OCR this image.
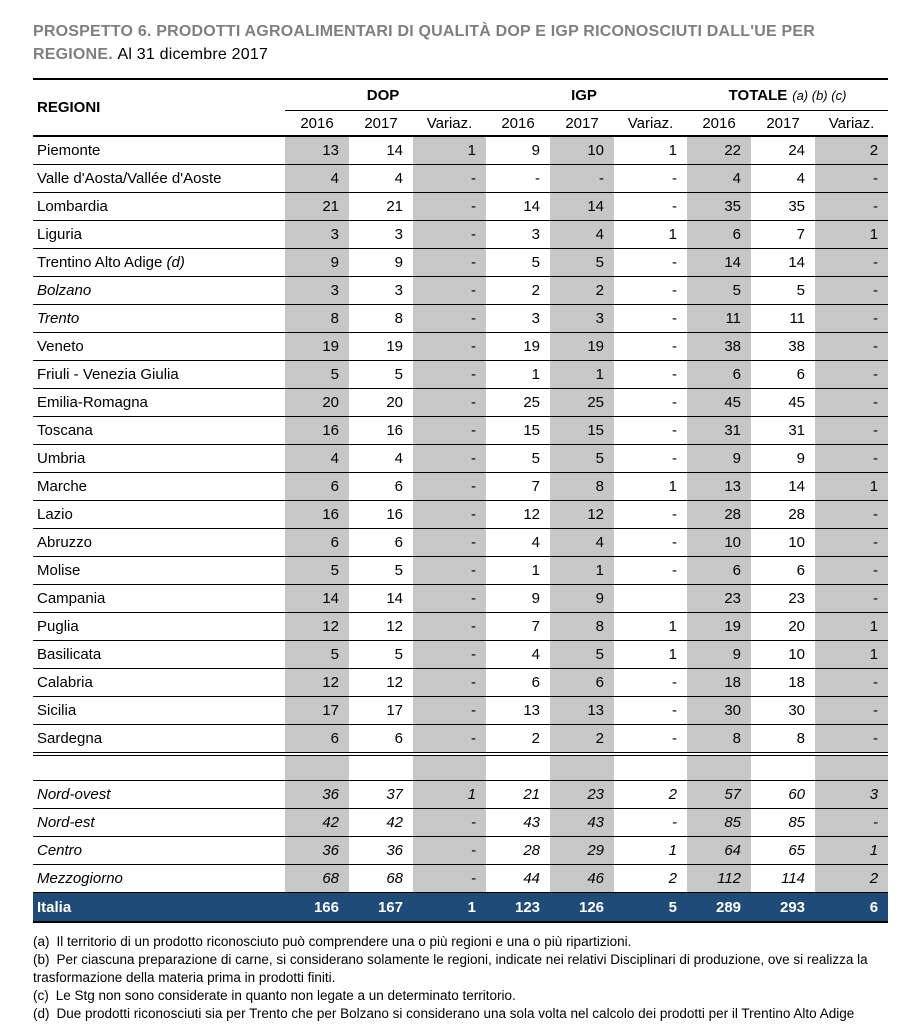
PROSPETTO 6. PRODOTTI AGROALIMENTARI DI QUALITÀ DOP E IGP RICONOSCIUTI DALL'UE PER
REGIONE. Al 31 dicembre 2017
REGIONI	DOP			IGP			TOTALE (a) (b) (c)		
	2016	2017	Variaz.	2016	2017	Variaz.	2016	2017	Variaz.
Piemonte	13	14	1	9	10	1	22	24	2
Valle d'Aosta/Vallée d'Aoste	4	4	-	-	-	-	4	4	-
Lombardia	21	21	-	14	14	-	35	35	-
Liguria	3	3	-	3	4	1	6	7	1
Trentino Alto Adige (d)	9	9	-	5	5	-	14	14	-
Bolzano	3	3	-	2	2	-	5	5	-
Trento	8	8	-	3	3	-	11	11	-
Veneto	19	19	-	19	19	-	38	38	-
Friuli - Venezia Giulia	5	5	-	1	1	-	6	6	-
Emilia-Romagna	20	20	-	25	25	-	45	45	-
Toscana	16	16	-	15	15	-	31	31	-
Umbria	4	4	-	5	5	-	9	9	-
Marche	6	6	-	7	8	1	13	14	1
Lazio	16	16	-	12	12	-	28	28	-
Abruzzo	6	6	-	4	4	-	10	10	-
Molise	5	5	-	1	1	-	6	6	-
Campania	14	14	-	9	9		23	23	-
Puglia	12	12	-	7	8	1	19	20	1
Basilicata	5	5	-	4	5	1	9	10	1
Calabria	12	12	-	6	6	-	18	18	-
Sicilia	17	17	-	13	13	-	30	30	-
Sardegna	6	6	-	2	2	-	8	8	-

Nord-ovest	36	37	1	21	23	2	57	60	3
Nord-est	42	42	-	43	43	-	85	85	-
Centro	36	36	-	28	29	1	64	65	1
Mezzogiorno	68	68	-	44	46	2	112	114	2
Italia	166	167	1	123	126	5	289	293	6

(a) Il territorio di un prodotto riconosciuto può comprendere una o più regioni e una o più ripartizioni.

(b) Per ciascuna preparazione di carne, si considerano solamente le regioni, indicate nei relativi Disciplinari di produzione, ove si realizza la trasformazione della materia prima in prodotti finiti.

(c) Le Stg non sono considerate in quanto non legate a un determinato territorio.

(d) Due prodotti riconosciuti sia per Trento che per Bolzano si considerano una sola volta nel calcolo dei prodotti per il Trentino Alto Adige
